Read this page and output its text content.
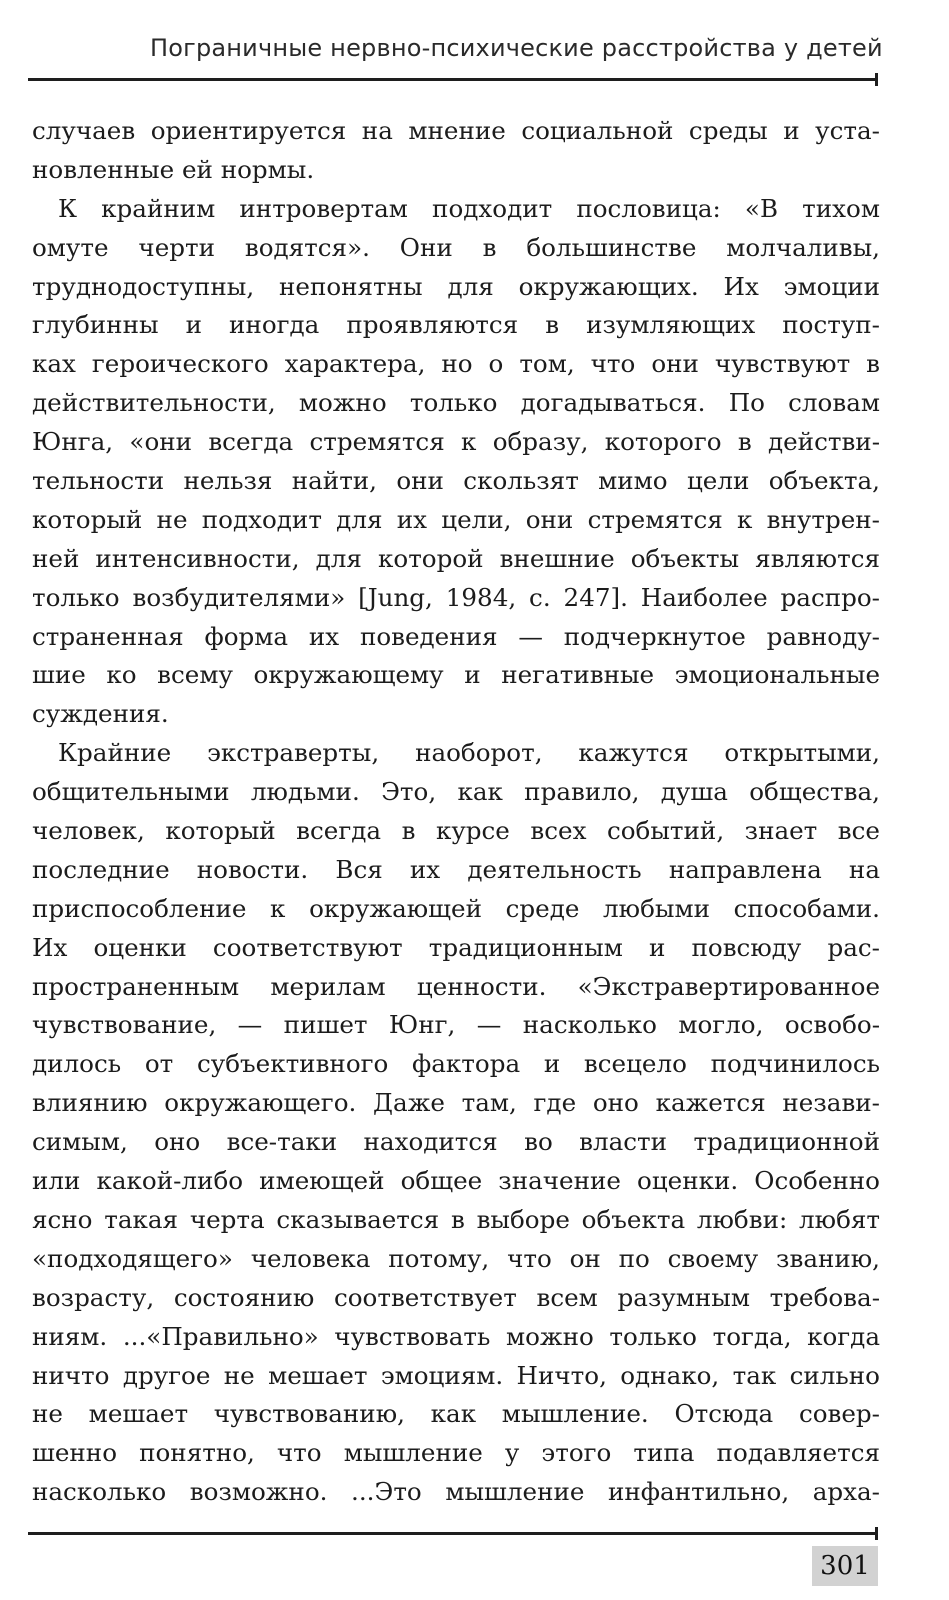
Пограничные нервно-психические расстройства у детей
случаев ориентируется на мнение социальной среды и уста-
новленные ей нормы.
К крайним интровертам подходит пословица: «В тихом
омуте черти водятся». Они в большинстве молчаливы,
труднодоступны, непонятны для окружающих. Их эмоции
глубинны и иногда проявляются в изумляющих поступ-
ках героического характера, но о том, что они чувствуют в
действительности, можно только догадываться. По словам
Юнга, «они всегда стремятся к образу, которого в действи-
тельности нельзя найти, они скользят мимо цели объекта,
который не подходит для их цели, они стремятся к внутрен-
ней интенсивности, для которой внешние объекты являются
только возбудителями» [Jung, 1984, с. 247]. Наиболее распро-
страненная форма их поведения — подчеркнутое равноду-
шие ко всему окружающему и негативные эмоциональные
суждения.
Крайние экстраверты, наоборот, кажутся открытыми,
общительными людьми. Это, как правило, душа общества,
человек, который всегда в курсе всех событий, знает все
последние новости. Вся их деятельность направлена на
приспособление к окружающей среде любыми способами.
Их оценки соответствуют традиционным и повсюду рас-
пространенным мерилам ценности. «Экстравертированное
чувствование, — пишет Юнг, — насколько могло, освобо-
дилось от субъективного фактора и всецело подчинилось
влиянию окружающего. Даже там, где оно кажется незави-
симым, оно все-таки находится во власти традиционной
или какой-либо имеющей общее значение оценки. Особенно
ясно такая черта сказывается в выборе объекта любви: любят
«подходящего» человека потому, что он по своему званию,
возрасту, состоянию соответствует всем разумным требова-
ниям. ...«Правильно» чувствовать можно только тогда, когда
ничто другое не мешает эмоциям. Ничто, однако, так сильно
не мешает чувствованию, как мышление. Отсюда совер-
шенно понятно, что мышление у этого типа подавляется
насколько возможно. ...Это мышление инфантильно, арха-
301
